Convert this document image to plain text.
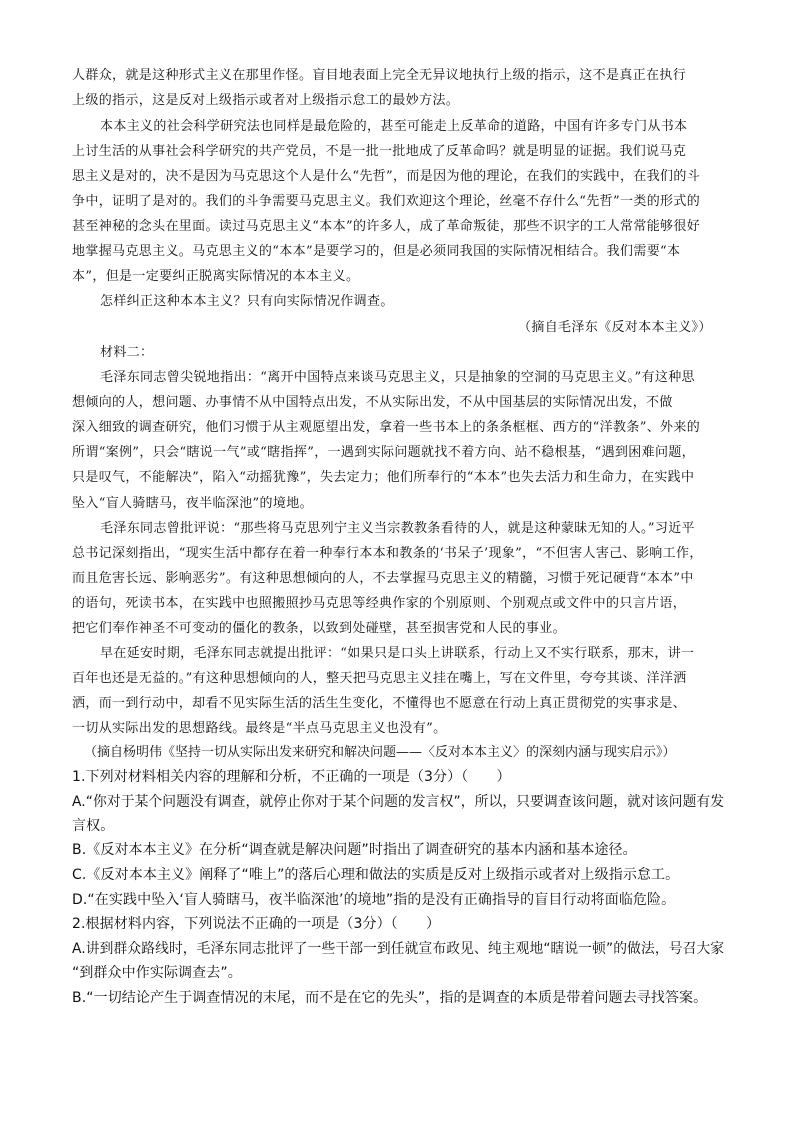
人群众，就是这种形式主义在那里作怪。盲目地表面上完全无异议地执行上级的指示，这不是真正在执行
上级的指示，这是反对上级指示或者对上级指示怠工的最妙方法。
本本主义的社会科学研究法也同样是最危险的，甚至可能走上反革命的道路，中国有许多专门从书本
上讨生活的从事社会科学研究的共产党员，不是一批一批地成了反革命吗？就是明显的证据。我们说马克
思主义是对的，决不是因为马克思这个人是什么“先哲”，而是因为他的理论，在我们的实践中，在我们的斗
争中，证明了是对的。我们的斗争需要马克思主义。我们欢迎这个理论，丝毫不存什么“先哲”一类的形式的
甚至神秘的念头在里面。读过马克思主义“本本”的许多人，成了革命叛徒，那些不识字的工人常常能够很好
地掌握马克思主义。马克思主义的“本本”是要学习的，但是必须同我国的实际情况相结合。我们需要“本
本”，但是一定要纠正脱离实际情况的本本主义。
怎样纠正这种本本主义？只有向实际情况作调查。
（摘自毛泽东《反对本本主义》）
材料二：
毛泽东同志曾尖锐地指出：“离开中国特点来谈马克思主义，只是抽象的空洞的马克思主义。”有这种思
想倾向的人，想问题、办事情不从中国特点出发，不从实际出发，不从中国基层的实际情况出发，不做
深入细致的调查研究，他们习惯于从主观愿望出发，拿着一些书本上的条条框框、西方的“洋教条”、外来的
所谓“案例”，只会“瞎说一气”或“瞎指挥”，一遇到实际问题就找不着方向、站不稳根基，“遇到困难问题，
只是叹气，不能解决”，陷入“动摇犹豫”，失去定力；他们所奉行的“本本”也失去活力和生命力，在实践中
坠入“盲人骑瞎马，夜半临深池”的境地。
毛泽东同志曾批评说：“那些将马克思列宁主义当宗教教条看待的人，就是这种蒙昧无知的人。”习近平
总书记深刻指出，“现实生活中都存在着一种奉行本本和教条的‘书呆子’现象”，“不但害人害己、影响工作，
而且危害长远、影响恶劣”。有这种思想倾向的人，不去掌握马克思主义的精髓，习惯于死记硬背“本本”中
的语句，死读书本，在实践中也照搬照抄马克思等经典作家的个别原则、个别观点或文件中的只言片语，
把它们奉作神圣不可变动的僵化的教条，以致到处碰壁，甚至损害党和人民的事业。
早在延安时期，毛泽东同志就提出批评：“如果只是口头上讲联系，行动上又不实行联系，那末，讲一
百年也还是无益的。”有这种思想倾向的人，整天把马克思主义挂在嘴上，写在文件里，夸夸其谈、洋洋洒
洒，而一到行动中，却看不见实际生活的活生生变化，不懂得也不愿意在行动上真正贯彻党的实事求是、
一切从实际出发的思想路线。最终是“半点马克思主义也没有”。
（摘自杨明伟《坚持一切从实际出发来研究和解决问题——〈反对本本主义〉的深刻内涵与现实启示》）
1.下列对材料相关内容的理解和分析，不正确的一项是（3分）（　　）
A.“你对于某个问题没有调查，就停止你对于某个问题的发言权”，所以，只要调查该问题，就对该问题有发
言权。
B.《反对本本主义》在分析“调查就是解决问题”时指出了调查研究的基本内涵和基本途径。
C.《反对本本主义》阐释了“唯上”的落后心理和做法的实质是反对上级指示或者对上级指示怠工。
D.“在实践中坠入‘盲人骑瞎马，夜半临深池’的境地”指的是没有正确指导的盲目行动将面临危险。
2.根据材料内容，下列说法不正确的一项是（3分）（　　）
A.讲到群众路线时，毛泽东同志批评了一些干部一到任就宣布政见、纯主观地“瞎说一顿”的做法，号召大家
“到群众中作实际调查去”。
B.“一切结论产生于调查情况的末尾，而不是在它的先头”，指的是调查的本质是带着问题去寻找答案。
